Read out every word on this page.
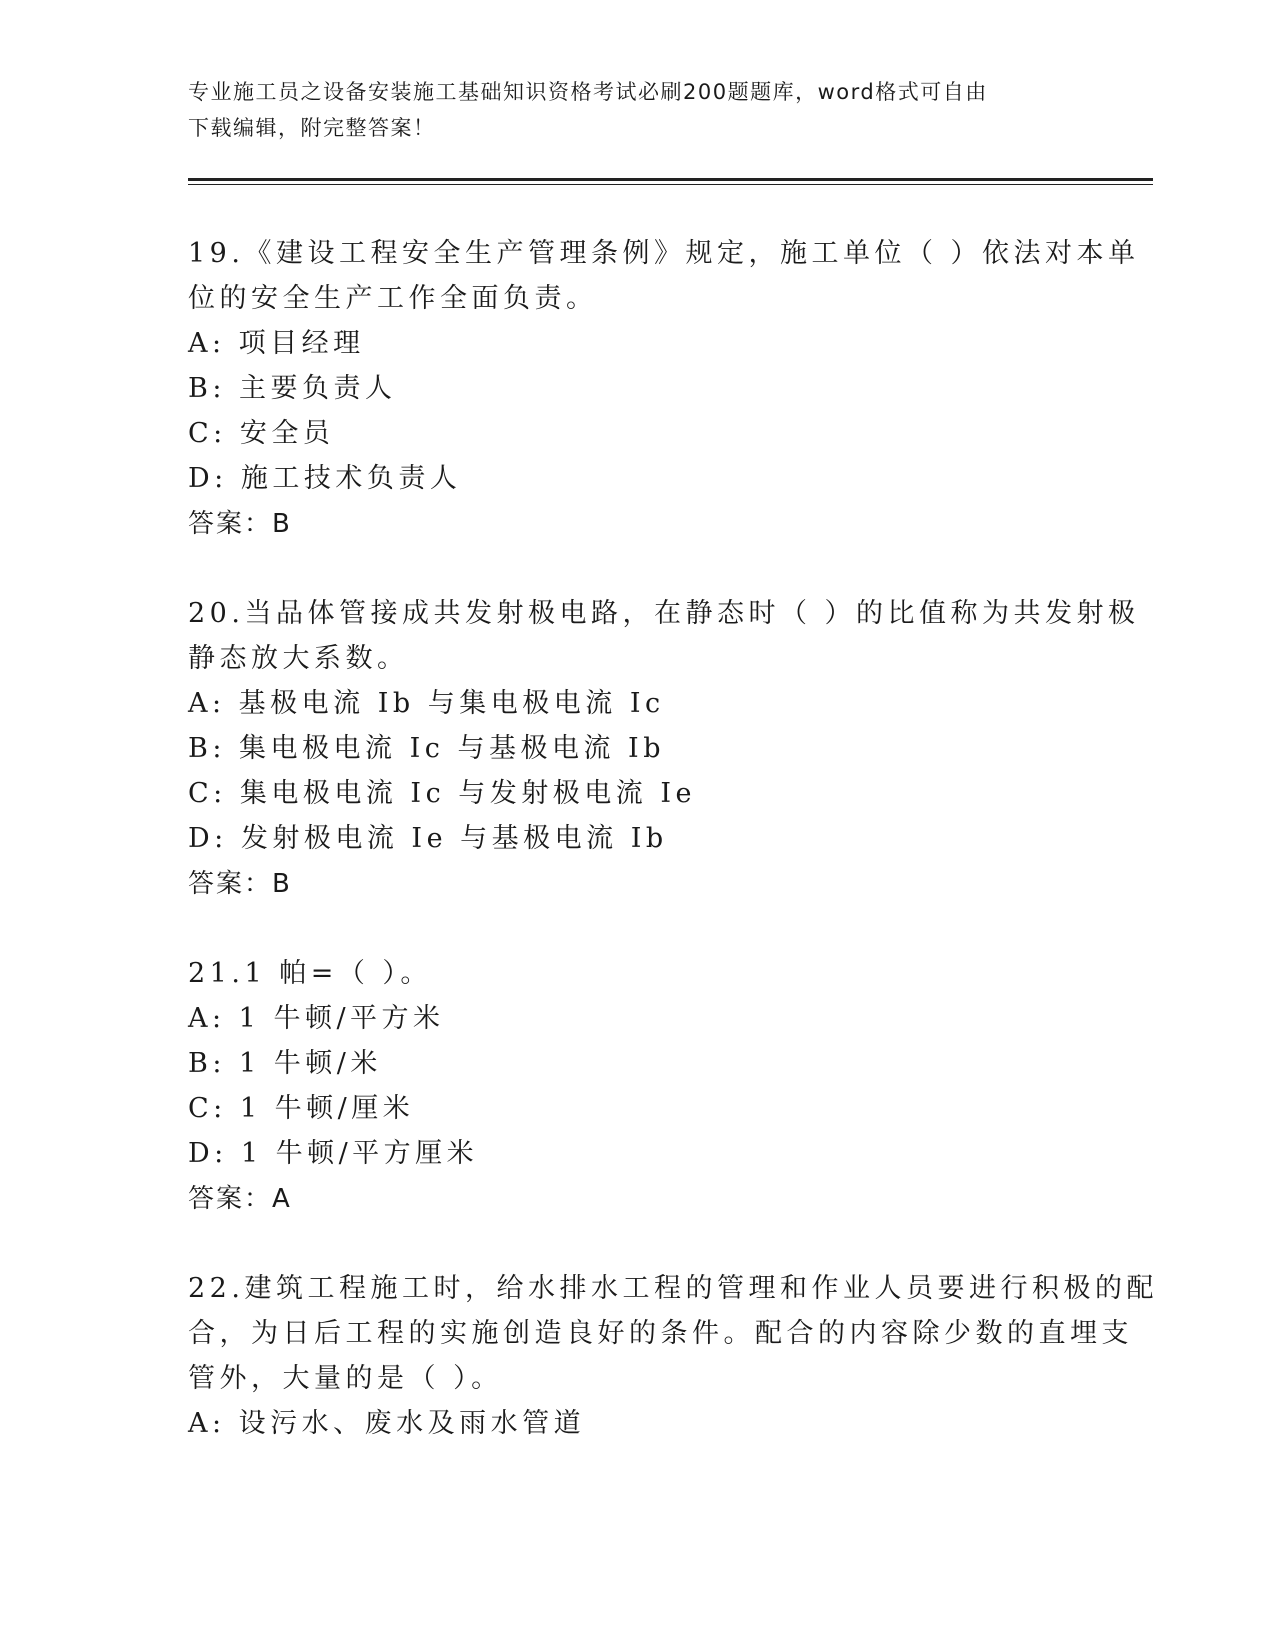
专业施工员之设备安装施工基础知识资格考试必刷200题题库，word格式可自由
下载编辑，附完整答案！
19.《建设工程安全生产管理条例》规定，施工单位（ ）依法对本单
位的安全生产工作全面负责。
A: 项目经理
B: 主要负责人
C: 安全员
D: 施工技术负责人
答案：B
20.当品体管接成共发射极电路，在静态时（ ）的比值称为共发射极
静态放大系数。
A: 基极电流 Ib 与集电极电流 Ic
B: 集电极电流 Ic 与基极电流 Ib
C: 集电极电流 Ic 与发射极电流 Ie
D: 发射极电流 Ie 与基极电流 Ib
答案：B
21.1 帕=（ ）。
A: 1 牛顿/平方米
B: 1 牛顿/米
C: 1 牛顿/厘米
D: 1 牛顿/平方厘米
答案：A
22.建筑工程施工时，给水排水工程的管理和作业人员要进行积极的配
合，为日后工程的实施创造良好的条件。配合的内容除少数的直埋支
管外，大量的是（ ）。
A: 设污水、废水及雨水管道
